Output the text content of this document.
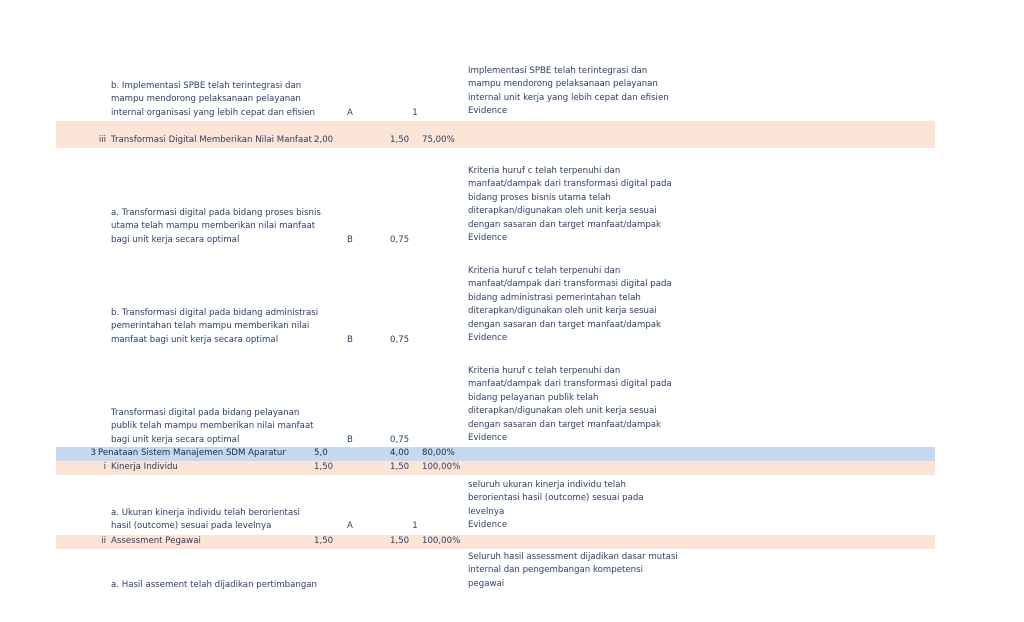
b. Implementasi SPBE telah terintegrasi dan
mampu mendorong pelaksanaan pelayanan
internal organisasi yang lebih cepat dan efisien	A	1
Implementasi SPBE telah terintegrasi dan
mampu mendorong pelaksanaan pelayanan
internal unit kerja yang lebih cepat dan efisien
Evidence
iii Transformasi Digital Memberikan Nilai Manfaat 2,00	1,50 75,00%
a. Transformasi digital pada bidang proses bisnis
utama telah mampu memberikan nilai manfaat
bagi unit kerja secara optimal	B	0,75
Kriteria huruf c telah terpenuhi dan
manfaat/dampak dari transformasi digital pada
bidang proses bisnis utama telah
diterapkan/digunakan oleh unit kerja sesuai
dengan sasaran dan target manfaat/dampak
Evidence
b. Transformasi digital pada bidang administrasi
pemerintahan telah mampu memberikan nilai
manfaat bagi unit kerja secara optimal	B	0,75
Kriteria huruf c telah terpenuhi dan
manfaat/dampak dari transformasi digital pada
bidang administrasi pemerintahan telah
diterapkan/digunakan oleh unit kerja sesuai
dengan sasaran dan target manfaat/dampak
Evidence
Transformasi digital pada bidang pelayanan
publik telah mampu memberikan nilai manfaat
bagi unit kerja secara optimal	B	0,75
Kriteria huruf c telah terpenuhi dan
manfaat/dampak dari transformasi digital pada
bidang pelayanan publik telah
diterapkan/digunakan oleh unit kerja sesuai
dengan sasaran dan target manfaat/dampak
Evidence
3 Penataan Sistem Manajemen SDM Aparatur	5,0	4,00 80,00%
i Kinerja Individu	1,50	1,50 100,00%
a. Ukuran kinerja individu telah berorientasi
hasil (outcome) sesuai pada levelnya	A	1
seluruh ukuran kinerja individu telah
berorientasi hasil (outcome) sesuai pada
levelnya
Evidence
ii Assessment Pegawai	1,50	1,50 100,00%
a. Hasil assement telah dijadikan pertimbangan
Seluruh hasil assessment dijadikan dasar mutasi
internal dan pengembangan kompetensi
pegawai
